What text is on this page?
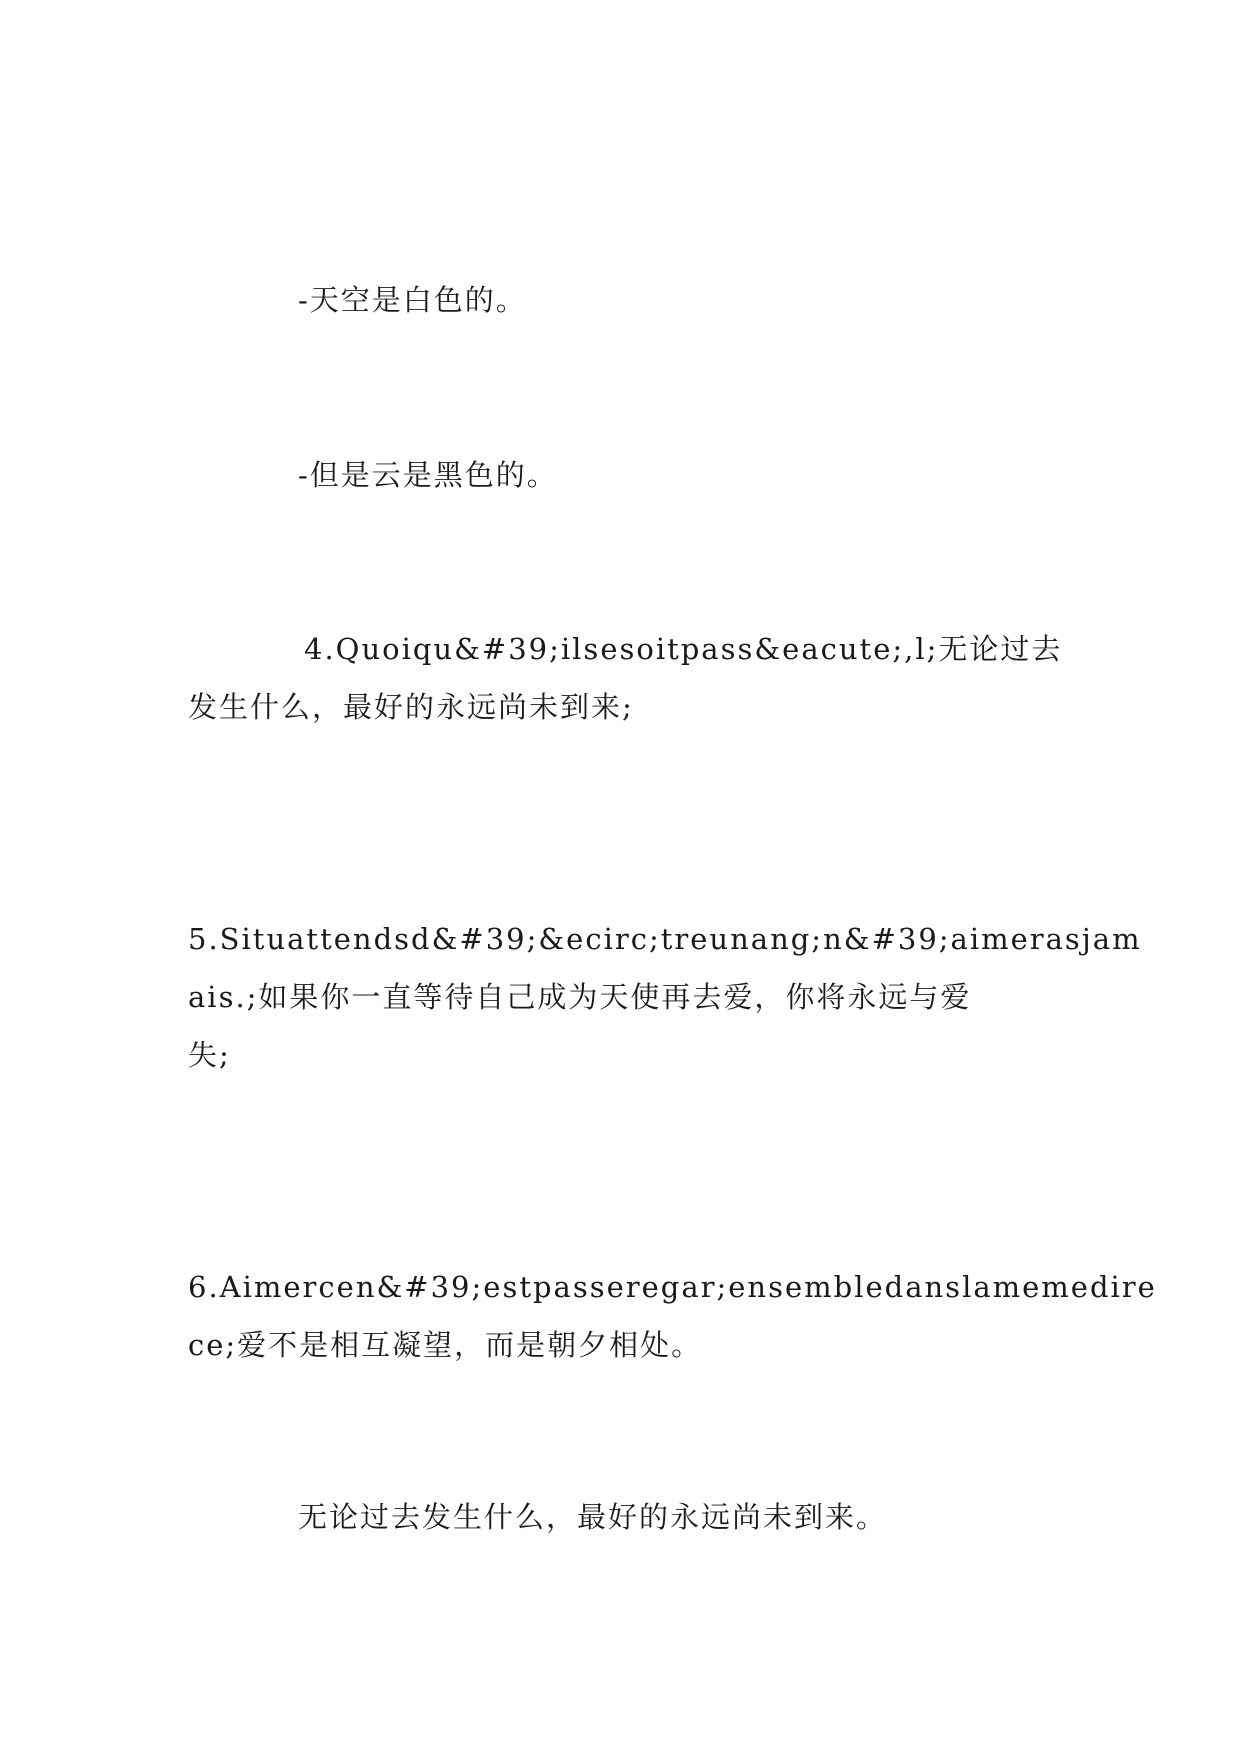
-天空是白色的。

-但是云是黑色的。

4.Quoiqu&#39;ilsesoitpass&eacute;,l;无论过去
发生什么，最好的永远尚未到来;
5.Situattendsd&#39;&ecirc;treunang;n&#39;aimerasjam
ais.;如果你一直等待自己成为天使再去爱，你将永远与爱
失;
6.Aimercen&#39;estpasseregar;ensembledanslamemedire
ce;爱不是相互凝望，而是朝夕相处。

无论过去发生什么，最好的永远尚未到来。
